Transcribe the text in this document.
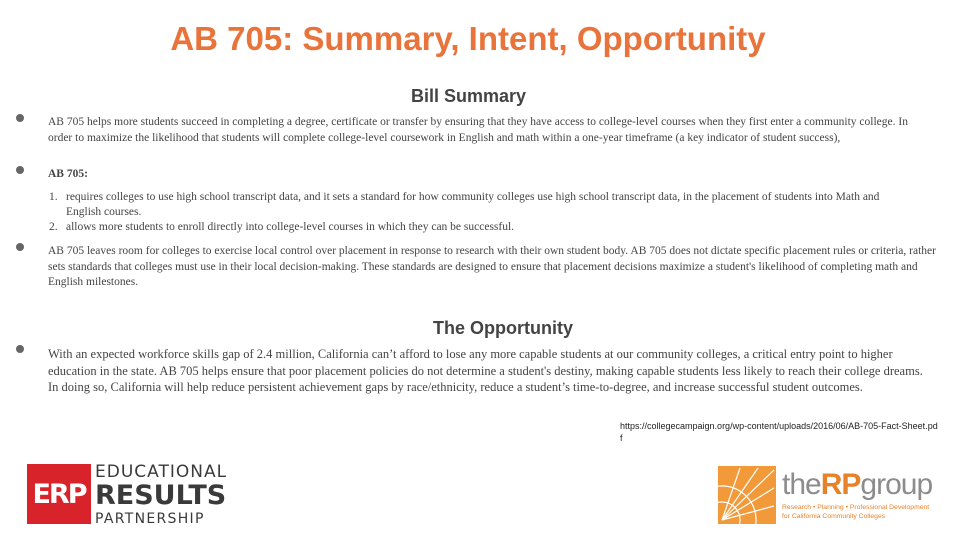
AB 705: Summary, Intent, Opportunity
Bill Summary
AB 705 helps more students succeed in completing a degree, certificate or transfer by ensuring that they have access to college-level courses when they first enter a community college. In order to maximize the likelihood that students will complete college-level coursework in English and math within a one-year timeframe (a key indicator of student success),
AB 705:
1. requires colleges to use high school transcript data, and it sets a standard for how community colleges use high school transcript data, in the placement of students into Math and English courses.
2. allows more students to enroll directly into college-level courses in which they can be successful.
AB 705 leaves room for colleges to exercise local control over placement in response to research with their own student body. AB 705 does not dictate specific placement rules or criteria, rather sets standards that colleges must use in their local decision-making. These standards are designed to ensure that placement decisions maximize a student's likelihood of completing math and English milestones.
The Opportunity
With an expected workforce skills gap of 2.4 million, California can’t afford to lose any more capable students at our community colleges, a critical entry point to higher education in the state. AB 705 helps ensure that poor placement policies do not determine a student's destiny, making capable students less likely to reach their college dreams. In doing so, California will help reduce persistent achievement gaps by race/ethnicity, reduce a student’s time-to-degree, and increase successful student outcomes.
https://collegecampaign.org/wp-content/uploads/2016/06/AB-705-Fact-Sheet.pdf
ERP
EDUCATIONAL
RESULTS
PARTNERSHIP
theRPgroup
Research • Planning • Professional Development
for California Community Colleges
